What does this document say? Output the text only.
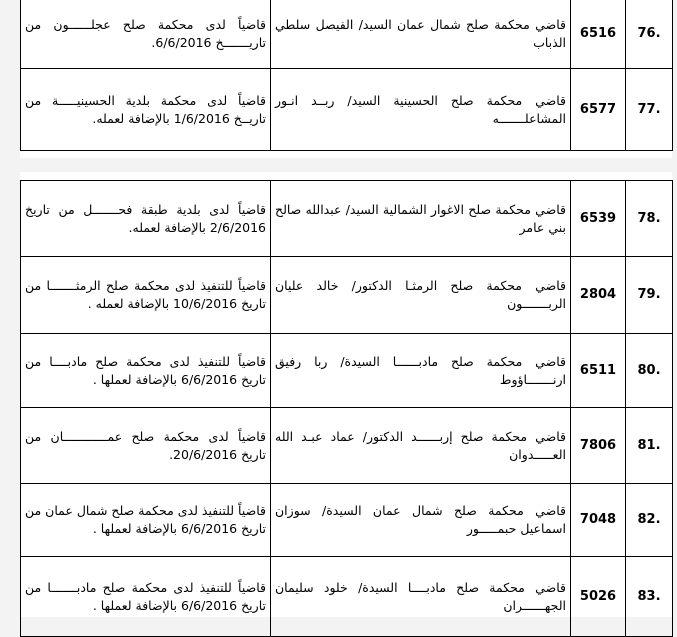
.76	6516	قاضي محكمة صلح شمال عمان السيد/ الفيصل سلطي الذباب	قاضياً لدى محكمة صلح عجلــــــون من تاريـــــــخ 6/6/2016.
.77	6577	قاضي محكمة صلح الحسينية السيد/ ربــد انـور المشاعلـــــــه	قاضياً لدى محكمة بلدية الحسينيـــــة من تاريــخ 1/6/2016 بالإضافة لعمله.
.78	6539	قاضي محكمة صلح الاغوار الشمالية السيد/ عبدالله صالح بني عامر	قاضياً لدى بلدية طبقة فحـــــــل من تاريخ 2/6/2016 بالإضافة لعمله.
.79	2804	قاضي محكمة صلح الرمثـا الدكتور/ خالد عليان الربـــــــون	قاضياً للتنفيذ لدى محكمة صلح الرمثـــــــا من تاريخ 10/6/2016 بالإضافة لعمله .
.80	6511	قاضي محكمة صلح مادبــــــا السيدة/ ربا رفيق ارنـــــــاؤوط	قاضياً للتنفيذ لدى محكمة صلح مادبــــا من تاريخ 6/6/2016 بالإضافة لعملها .
.81	7806	قاضي محكمة صلح إربــــــد الدكتور/ عماد عبـد الله العـــــدوان	قاضياً لدى محكمة صلح عمــــــــــــان من تاريخ 20/6/2016.
.82	7048	قاضي محكمة صلح شمال عمان السيدة/ سوزان اسماعيل حبمـــــور	قاضياً للتنفيذ لدى محكمة صلح شمال عمان من تاريخ 6/6/2016 بالإضافة لعملها .
.83	5026	قاضي محكمة صلح مادبــــا السيدة/ خلود سليمان الجهــــــران	قاضياً للتنفيذ لدى محكمة صلح مادبـــــــا من تاريخ 6/6/2016 بالإضافة لعملها .
